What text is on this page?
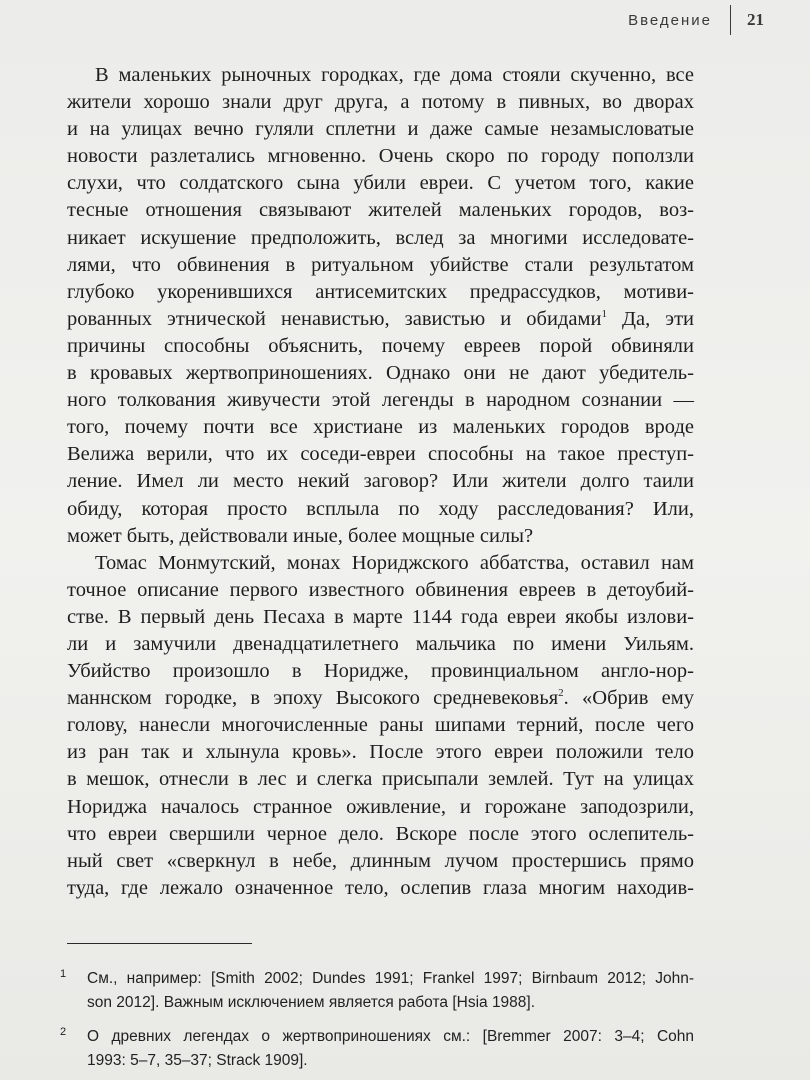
Введение 21
В маленьких рыночных городках, где дома стояли скученно, все
жители хорошо знали друг друга, а потому в пивных, во дворах
и на улицах вечно гуляли сплетни и даже самые незамысловатые
новости разлетались мгновенно. Очень скоро по городу поползли
слухи, что солдатского сына убили евреи. С учетом того, какие
тесные отношения связывают жителей маленьких городов, воз-
никает искушение предположить, вслед за многими исследовате-
лями, что обвинения в ритуальном убийстве стали результатом
глубоко укоренившихся антисемитских предрассудков, мотиви-
рованных этнической ненавистью, завистью и обидами$^1$ Да, эти
причины способны объяснить, почему евреев порой обвиняли
в кровавых жертвоприношениях. Однако они не дают убедитель-
ного толкования живучести этой легенды в народном сознании —
того, почему почти все христиане из маленьких городов вроде
Велижа верили, что их соседи-евреи способны на такое преступ-
ление. Имел ли место некий заговор? Или жители долго таили
обиду, которая просто всплыла по ходу расследования? Или,
может быть, действовали иные, более мощные силы?
Томас Монмутский, монах Нориджского аббатства, оставил нам
точное описание первого известного обвинения евреев в детоубий-
стве. В первый день Песаха в марте 1144 года евреи якобы излови-
ли и замучили двенадцатилетнего мальчика по имени Уильям.
Убийство произошло в Норидже, провинциальном англо-нор-
маннском городке, в эпоху Высокого средневековья$^2$. «Обрив ему
голову, нанесли многочисленные раны шипами терний, после чего
из ран так и хлынула кровь». После этого евреи положили тело
в мешок, отнесли в лес и слегка присыпали землей. Тут на улицах
Нориджа началось странное оживление, и горожане заподозрили,
что евреи свершили черное дело. Вскоре после этого ослепитель-
ный свет «сверкнул в небе, длинным лучом простершись прямо
туда, где лежало означенное тело, ослепив глаза многим находив-
1 См., например: [Smith 2002; Dundes 1991; Frankel 1997; Birnbaum 2012; John-
son 2012]. Важным исключением является работа [Hsia 1988].
2 О древних легендах о жертвоприношениях см.: [Bremmer 2007: 3–4; Cohn
1993: 5–7, 35–37; Strack 1909].
